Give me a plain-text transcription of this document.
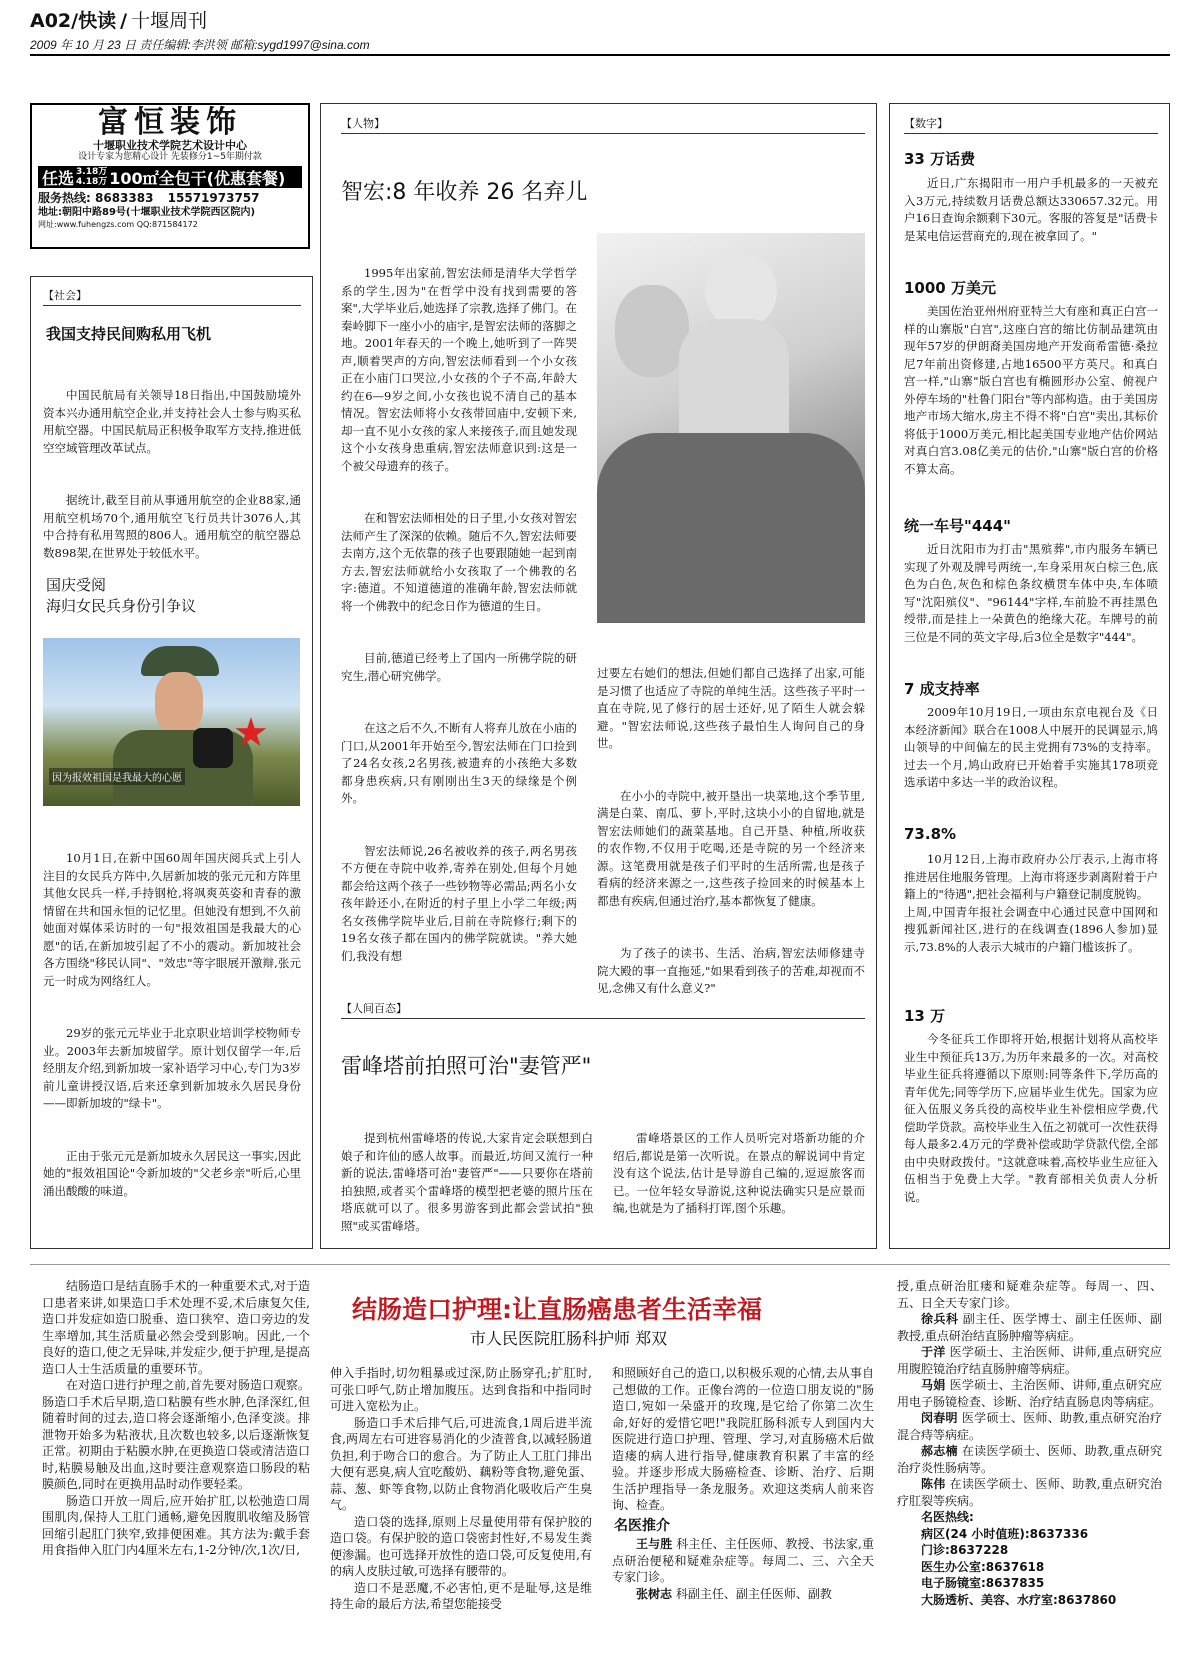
A02/快读 / 十堰周刊
2009 年 10 月 23 日 责任编辑:李洪领 邮箱:sygd1997@sina.com
富恒装饰
十堰职业技术学院艺术设计中心
设计专家为您精心设计 先装修分1~5年期付款
任选 3.18万
4.18万 100㎡ 全包干(优惠套餐)
服务热线: 8683383 15571973757
地址:朝阳中路89号(十堰职业技术学院西区院内)
网址:www.fuhengzs.com QQ:871584172
【社会】
我国支持民间购私用飞机

中国民航局有关领导18日指出,中国鼓励境外资本兴办通用航空企业,并支持社会人士参与购买私用航空器。中国民航局正积极争取军方支持,推进低空空域管理改革试点。

据统计,截至目前从事通用航空的企业88家,通用航空机场70个,通用航空飞行员共计3076人,其中合持有私用驾照的806人。通用航空的航空器总数898架,在世界处于较低水平。

国庆受阅
海归女民兵身份引争议
★
因为报效祖国是我最大的心愿

10月1日,在新中国60周年国庆阅兵式上引人注目的女民兵方阵中,久居新加坡的张元元和方阵里其他女民兵一样,手持钢枪,将飒爽英姿和青春的激情留在共和国永恒的记忆里。但她没有想到,不久前她面对媒体采访时的一句"报效祖国是我最大的心愿"的话,在新加坡引起了不小的震动。新加坡社会各方围绕"移民认同"、"效忠"等字眼展开激辩,张元元一时成为网络红人。

29岁的张元元毕业于北京职业培训学校物师专业。2003年去新加坡留学。原计划仅留学一年,后经朋友介绍,到新加坡一家补语学习中心,专门为3岁前儿童讲授汉语,后来还拿到新加坡永久居民身份——即新加坡的"绿卡"。

正由于张元元是新加坡永久居民这一事实,因此她的"报效祖国论"令新加坡的"父老乡亲"听后,心里涌出酸酸的味道。

【人物】
智宏:8 年收养 26 名弃儿

1995年出家前,智宏法师是清华大学哲学系的学生,因为"在哲学中没有找到需要的答案",大学毕业后,她选择了宗教,选择了佛门。在秦岭脚下一座小小的庙宇,是智宏法师的落脚之地。2001年春天的一个晚上,她听到了一阵哭声,顺着哭声的方向,智宏法师看到一个小女孩正在小庙门口哭泣,小女孩的个子不高,年龄大约在6—9岁之间,小女孩也说不清自己的基本情况。智宏法师将小女孩带回庙中,安顿下来,却一直不见小女孩的家人来接孩子,而且她发现这个小女孩身患重病,智宏法师意识到:这是一个被父母遗弃的孩子。

在和智宏法师相处的日子里,小女孩对智宏法师产生了深深的依赖。随后不久,智宏法师要去南方,这个无依靠的孩子也要跟随她一起到南方去,智宏法师就给小女孩取了一个佛教的名字:德道。不知道德道的准确年龄,智宏法师就将一个佛教中的纪念日作为德道的生日。

目前,德道已经考上了国内一所佛学院的研究生,潜心研究佛学。

在这之后不久,不断有人将弃儿放在小庙的门口,从2001年开始至今,智宏法师在门口捡到了24名女孩,2名男孩,被遗弃的小孩绝大多数都身患疾病,只有刚刚出生3天的绿缘是个例外。

智宏法师说,26名被收养的孩子,两名男孩不方便在寺院中收养,寄养在别处,但每个月她都会给这两个孩子一些钞物等必需品;两名小女孩年龄还小,在附近的村子里上小学二年级;两名女孩佛学院毕业后,目前在寺院修行;剩下的19名女孩子都在国内的佛学院就读。"养大她们,我没有想

过要左右她们的想法,但她们都自己选择了出家,可能是习惯了也适应了寺院的单纯生活。这些孩子平时一直在寺院,见了修行的居士还好,见了陌生人就会躲避。"智宏法师说,这些孩子最怕生人询问自己的身世。

在小小的寺院中,被开垦出一块菜地,这个季节里,满是白菜、南瓜、萝卜,平时,这块小小的自留地,就是智宏法师她们的蔬菜基地。自己开垦、种植,所收获的农作物,不仅用于吃喝,还是寺院的另一个经济来源。这笔费用就是孩子们平时的生活所需,也是孩子看病的经济来源之一,这些孩子捡回来的时候基本上都患有疾病,但通过治疗,基本都恢复了健康。

为了孩子的读书、生活、治病,智宏法师修建寺院大殿的事一直拖延,"如果看到孩子的苦难,却视而不见,念佛又有什么意义?"

【人间百态】
雷峰塔前拍照可治"妻管严"

提到杭州雷峰塔的传说,大家肯定会联想到白娘子和许仙的感人故事。而最近,坊间又流行一种新的说法,雷峰塔可治"妻管严"——只要你在塔前拍独照,或者买个雷峰塔的模型把老婆的照片压在塔底就可以了。很多男游客到此都会尝试拍"独照"或买雷峰塔。

雷峰塔景区的工作人员听完对塔新功能的介绍后,都说是第一次听说。在景点的解说词中肯定没有这个说法,估计是导游自己编的,逗逗旅客而已。一位年轻女导游说,这种说法确实只是应景而编,也就是为了插科打诨,图个乐趣。

【数字】
33 万话费

近日,广东揭阳市一用户手机最多的一天被充入3万元,持续数月话费总额达330657.32元。用户16日查询余额剩下30元。客服的答复是"话费卡是某电信运营商充的,现在被拿回了。"

1000 万美元

美国佐治亚州州府亚特兰大有座和真正白宫一样的山寨版"白宫",这座白宫的缩比仿制品建筑由现年57岁的伊朗裔美国房地产开发商希雷德·桑拉尼7年前出资修建,占地16500平方英尺。和真白宫一样,"山寨"版白宫也有椭圆形办公室、俯视户外停车场的"杜鲁门阳台"等内部构造。由于美国房地产市场大缩水,房主不得不将"白宫"卖出,其标价将低于1000万美元,相比起美国专业地产估价网站对真白宫3.08亿美元的估价,"山寨"版白宫的价格不算太高。

统一车号"444"

近日沈阳市为打击"黑殡葬",市内服务车辆已实现了外观及牌号两统一,车身采用灰白棕三色,底色为白色,灰色和棕色条纹横贯车体中央,车体喷写"沈阳殡仪"、"96144"字样,车前脸不再挂黑色绶带,而是挂上一朵黄色的绝缘大花。车牌号的前三位是不同的英文字母,后3位全是数字"444"。

7 成支持率

2009年10月19日,一项由东京电视台及《日本经济新闻》联合在1008人中展开的民调显示,鸠山领导的中间偏左的民主党拥有73%的支持率。过去一个月,鸠山政府已开始着手实施其178项竞选承诺中多达一半的政治议程。

73.8%

10月12日,上海市政府办公厅表示,上海市将推进居住地服务管理。上海市将逐步剥离附着于户籍上的"待遇",把社会福利与户籍登记制度脱钩。
上周,中国青年报社会调查中心通过民意中国网和搜狐新闻社区,进行的在线调查(1896人参加)显示,73.8%的人表示大城市的户籍门槛该拆了。

13 万

今冬征兵工作即将开始,根据计划将从高校毕业生中预征兵13万,为历年来最多的一次。对高校毕业生征兵将遵循以下原则:同等条件下,学历高的青年优先;同等学历下,应届毕业生优先。国家为应征入伍服义务兵役的高校毕业生补偿相应学费,代偿助学贷款。高校毕业生入伍之初就可一次性获得每人最多2.4万元的学费补偿或助学贷款代偿,全部由中央财政拨付。"这就意味着,高校毕业生应征入伍相当于免费上大学。"教育部相关负责人分析说。

结肠造口护理:让直肠癌患者生活幸福
市人民医院肛肠科护师 郑双

结肠造口是结直肠手术的一种重要术式,对于造口患者来讲,如果造口手术处理不妥,术后康复欠佳,造口并发症如造口脱垂、造口狭窄、造口旁边的发生率增加,其生活质量必然会受到影响。因此,一个良好的造口,使之无异味,并发症少,便于护理,是提高造口人士生活质量的重要环节。

在对造口进行护理之前,首先要对肠造口观察。肠造口手术后早期,造口粘膜有些水肿,色泽深红,但随着时间的过去,造口将会逐渐缩小,色泽变淡。排泄物开始多为粘液状,且次数也较多,以后逐渐恢复正常。初期由于粘膜水肿,在更换造口袋或清洁造口时,粘膜易触及出血,这时要注意观察造口肠段的粘膜颜色,同时在更换用品时动作要轻柔。

肠造口开放一周后,应开始扩肛,以松弛造口周围肌肉,保持人工肛门通畅,避免因腹肌收缩及肠管回缩引起肛门狭窄,致排便困难。其方法为:戴手套用食指伸入肛门内4厘米左右,1-2分钟/次,1次/日,

伸入手指时,切勿粗暴或过深,防止肠穿孔;扩肛时,可张口呼气,防止增加腹压。达到食指和中指同时可进入宽松为止。

肠造口手术后排气后,可进流食,1周后进半流食,两周左右可进容易消化的少渣普食,以减轻肠道负担,利于吻合口的愈合。为了防止人工肛门排出大便有恶臭,病人宜吃酸奶、藕粉等食物,避免蛋、蒜、葱、虾等食物,以防止食物消化吸收后产生臭气。

造口袋的选择,原则上尽量使用带有保护胶的造口袋。有保护胶的造口袋密封性好,不易发生粪便渗漏。也可选择开放性的造口袋,可反复使用,有的病人皮肤过敏,可选择有腰带的。

造口不是恶魔,不必害怕,更不是耻辱,这是维持生命的最后方法,希望您能接受

和照顾好自己的造口,以积极乐观的心情,去从事自己想做的工作。正像台湾的一位造口朋友说的"肠造口,宛如一朵盛开的玫瑰,是它给了你第二次生命,好好的爱惜它吧!"我院肛肠科派专人到国内大医院进行造口护理、管理、学习,对直肠癌术后做造瘘的病人进行指导,健康教育积累了丰富的经验。并逐步形成大肠癌检查、诊断、治疗、后期生活护理指导一条龙服务。欢迎这类病人前来咨询、检查。

名医推介
王与胜 科主任、主任医师、教授、书法家,重点研治便秘和疑难杂症等。每周二、三、六全天专家门诊。
张树志 科副主任、副主任医师、副教
授,重点研治肛瘘和疑难杂症等。每周一、四、五、日全天专家门诊。
徐兵科 副主任、医学博士、副主任医师、副教授,重点研治结直肠肿瘤等病症。
于洋 医学硕士、主治医师、讲师,重点研究应用腹腔镜治疗结直肠肿瘤等病症。
马娟 医学硕士、主治医师、讲师,重点研究应用电子肠镜检查、诊断、治疗结直肠息肉等病症。
闵春明 医学硕士、医师、助教,重点研究治疗混合痔等病症。
郝志楠 在读医学硕士、医师、助教,重点研究治疗炎性肠病等。
陈伟 在读医学硕士、医师、助教,重点研究治疗肛裂等疾病。
名医热线:
病区(24 小时值班):8637336
门诊:8637228
医生办公室:8637618
电子肠镜室:8637835
大肠透析、美容、水疗室:8637860
